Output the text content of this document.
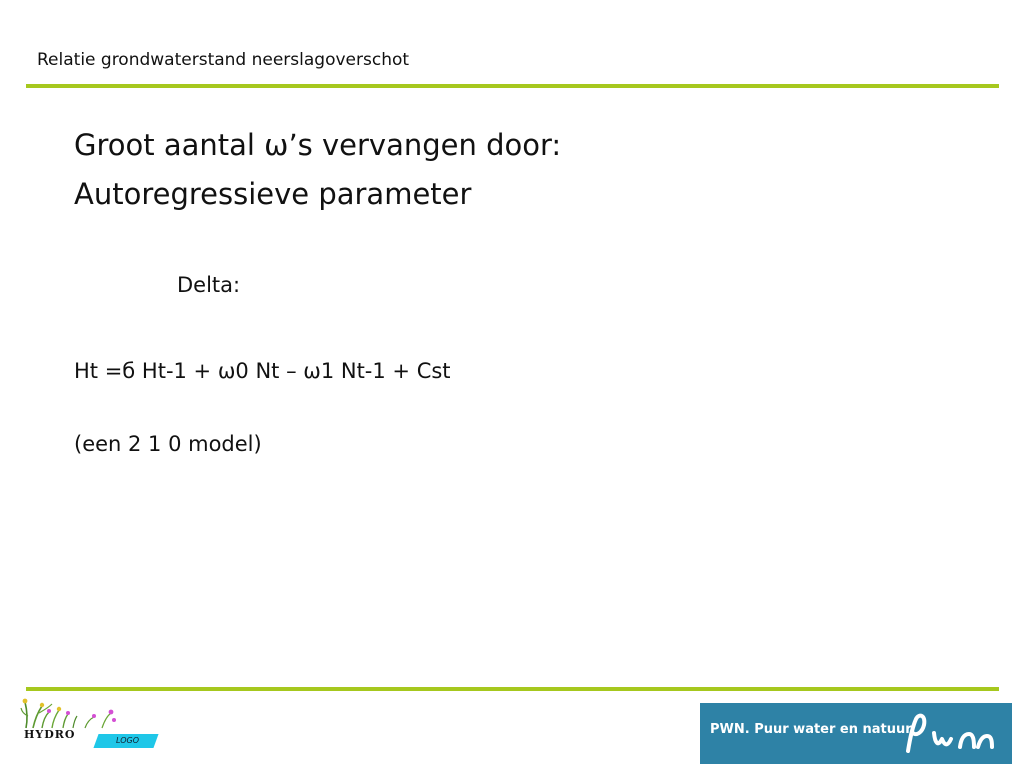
Relatie grondwaterstand neerslagoverschot
Groot aantal ω’s vervangen door:
Autoregressieve parameter
Delta:
Ht =б Ht-1 + ω0 Nt – ω1 Nt-1 + Cst
(een 2 1 0 model)
HYDRO	LOGO
PWN. Puur water en natuur.
